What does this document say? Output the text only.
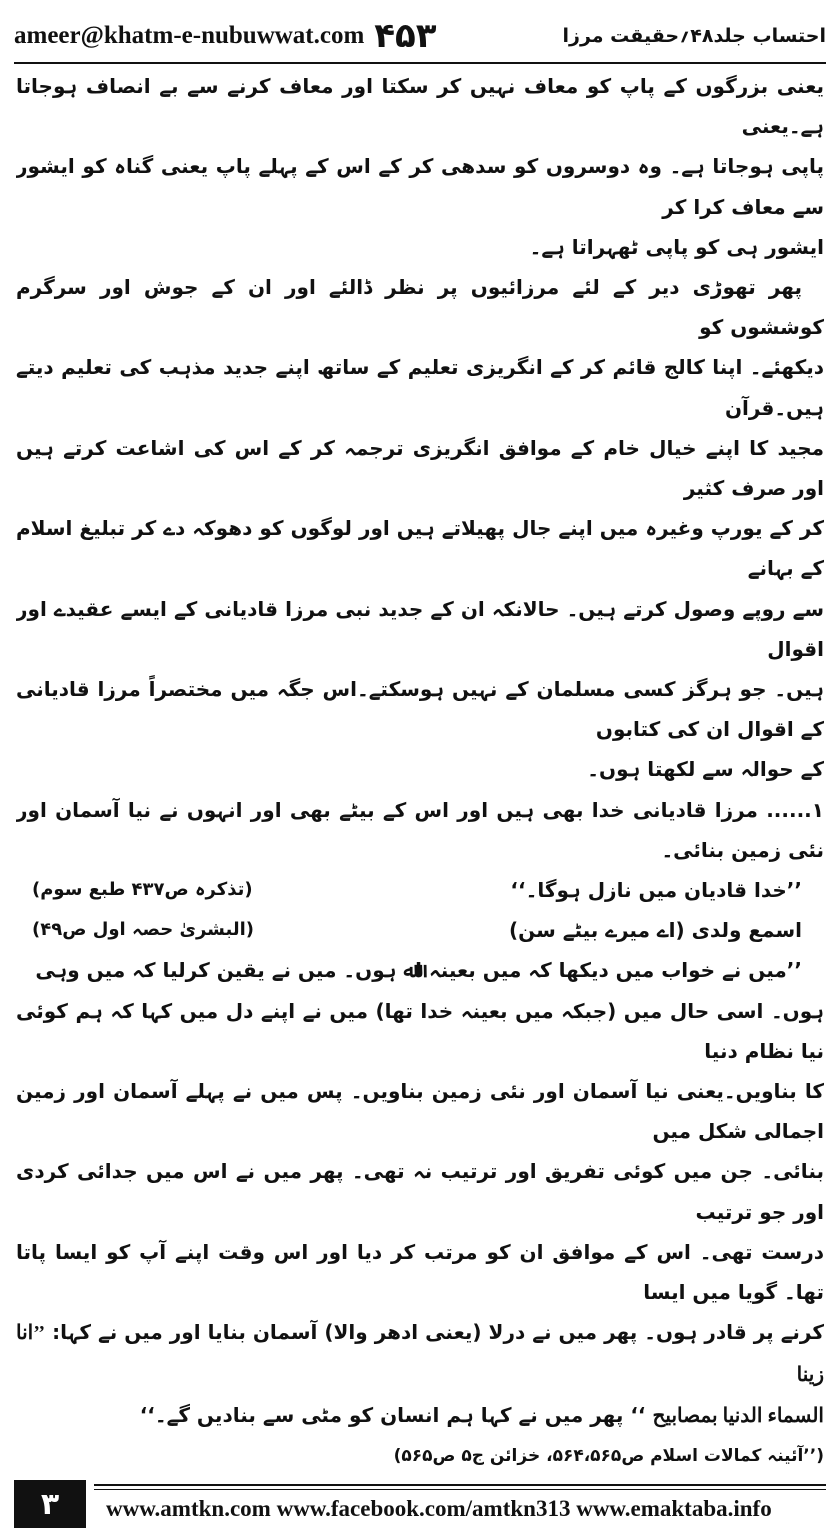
ameer@khatm-e-nubuwwat.com ۴۵۳	احتساب جلد۴۸؍حقیقت مرزا

یعنی بزرگوں کے پاپ کو معاف نہیں کر سکتا اور معاف کرنے سے بے انصاف ہوجاتا ہے۔یعنی

پاپی ہوجاتا ہے۔ وہ دوسروں کو سدھی کر کے اس کے پہلے پاپ یعنی گناہ کو ایشور سے معاف کرا کر

ایشور ہی کو پاپی ٹھہراتا ہے۔

پھر تھوڑی دیر کے لئے مرزائیوں پر نظر ڈالئے اور ان کے جوش اور سرگرم کوششوں کو

دیکھئے۔ اپنا کالج قائم کر کے انگریزی تعلیم کے ساتھ اپنے جدید مذہب کی تعلیم دیتے ہیں۔قرآن

مجید کا اپنے خیال خام کے موافق انگریزی ترجمہ کر کے اس کی اشاعت کرتے ہیں اور صرف کثیر

کر کے یورپ وغیرہ میں اپنے جال پھیلاتے ہیں اور لوگوں کو دھوکہ دے کر تبلیغ اسلام کے بہانے

سے روپے وصول کرتے ہیں۔ حالانکہ ان کے جدید نبی مرزا قادیانی کے ایسے عقیدے اور اقوال

ہیں۔ جو ہرگز کسی مسلمان کے نہیں ہوسکتے۔اس جگہ میں مختصراً مرزا قادیانی کے اقوال ان کی کتابوں

کے حوالہ سے لکھتا ہوں۔

۱...... مرزا قادیانی خدا بھی ہیں اور اس کے بیٹے بھی اور انہوں نے نیا آسمان اور نئی زمین بنائی۔

’’خدا قادیان میں نازل ہوگا۔‘‘
(تذکرہ ص۴۳۷ طبع سوم)
اسمع ولدی (اے میرے بیٹے سن)
(البشریٰ حصہ اول ص۴۹)

’’میں نے خواب میں دیکھا کہ میں بعینہ اﷲ ہوں۔ میں نے یقین کرلیا کہ میں وہی

ہوں۔ اسی حال میں (جبکہ میں بعینہ خدا تھا) میں نے اپنے دل میں کہا کہ ہم کوئی نیا نظام دنیا

کا بناویں۔یعنی نیا آسمان اور نئی زمین بناویں۔ پس میں نے پہلے آسمان اور زمین اجمالی شکل میں

بنائی۔ جن میں کوئی تفریق اور ترتیب نہ تھی۔ پھر میں نے اس میں جدائی کردی اور جو ترتیب

درست تھی۔ اس کے موافق ان کو مرتب کر دیا اور اس وقت اپنے آپ کو ایسا پاتا تھا۔ گویا میں ایسا

کرنے پر قادر ہوں۔ پھر میں نے درلا (یعنی ادھر والا) آسمان بنایا اور میں نے کہا: ’’انا زینا

السماء الدنیا بمصابیح ‘‘ پھر میں نے کہا ہم انسان کو مٹی سے بنادیں گے۔‘‘

(’’آئینہ کمالات اسلام ص۵۶۴،۵۶۵، خزائن ج۵ ص۵۶۵)

۳	www.amtkn.com www.facebook.com/amtkn313 www.emaktaba.info
